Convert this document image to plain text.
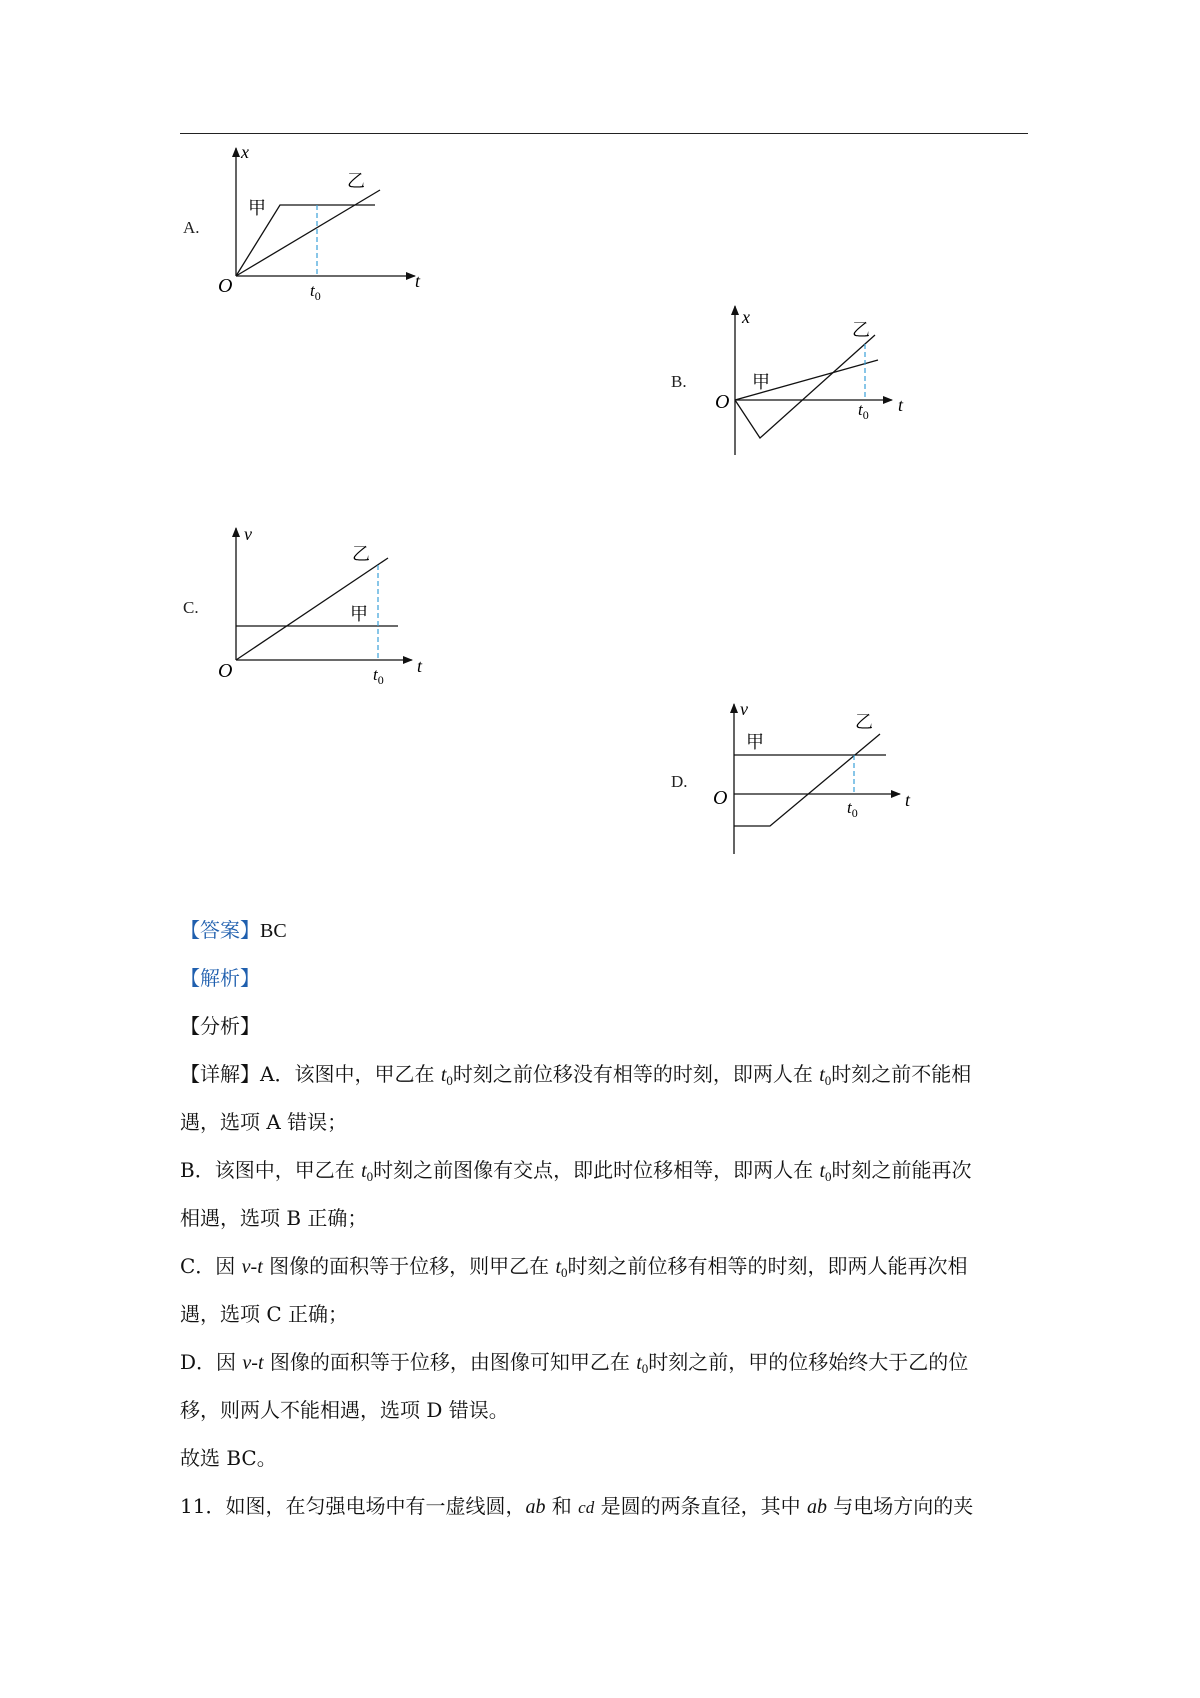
A.
x
t
O
甲
乙
$t_0$
B.
x
t
O
甲
乙
$t_0$
C.
v
t
O
甲
乙
$t_0$
D.
v
t
O
甲
乙
$t_0$
【答案】BC
【解析】
【分析】
【详解】A．该图中，甲乙在 $t_0$时刻之前位移没有相等的时刻，即两人在 $t_0$时刻之前不能相
遇，选项 A 错误；
B．该图中，甲乙在 $t_0$时刻之前图像有交点，即此时位移相等，即两人在 $t_0$时刻之前能再次
相遇，选项 B 正确；
C．因 v-t 图像的面积等于位移，则甲乙在 $t_0$时刻之前位移有相等的时刻，即两人能再次相
遇，选项 C 正确；
D．因 v-t 图像的面积等于位移，由图像可知甲乙在 $t_0$时刻之前，甲的位移始终大于乙的位
移，则两人不能相遇，选项 D 错误。
故选 BC。
11．如图，在匀强电场中有一虚线圆，ab 和 cd 是圆的两条直径，其中 ab 与电场方向的夹
